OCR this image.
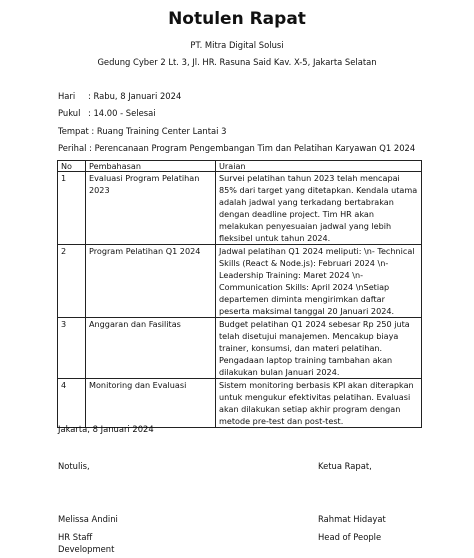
Notulen Rapat
PT. Mitra Digital Solusi
Gedung Cyber 2 Lt. 3, Jl. HR. Rasuna Said Kav. X-5, Jakarta Selatan
Hari : Rabu, 8 Januari 2024
Pukul : 14.00 - Selesai
Tempat : Ruang Training Center Lantai 3
Perihal : Perencanaan Program Pengembangan Tim dan Pelatihan Karyawan Q1 2024
No	Pembahasan	Uraian
1	Evaluasi Program Pelatihan 2023	Survei pelatihan tahun 2023 telah mencapai 85% dari target yang ditetapkan. Kendala utama adalah jadwal yang terkadang bertabrakan dengan deadline project. Tim HR akan melakukan penyesuaian jadwal yang lebih fleksibel untuk tahun 2024.
2	Program Pelatihan Q1 2024	Jadwal pelatihan Q1 2024 meliputi: \n- Technical Skills (React & Node.js): Februari 2024 \n- Leadership Training: Maret 2024 \n- Communication Skills: April 2024 \nSetiap departemen diminta mengirimkan daftar peserta maksimal tanggal 20 Januari 2024.
3	Anggaran dan Fasilitas	Budget pelatihan Q1 2024 sebesar Rp 250 juta telah disetujui manajemen. Mencakup biaya trainer, konsumsi, dan materi pelatihan. Pengadaan laptop training tambahan akan dilakukan bulan Januari 2024.
4	Monitoring dan Evaluasi	Sistem monitoring berbasis KPI akan diterapkan untuk mengukur efektivitas pelatihan. Evaluasi akan dilakukan setiap akhir program dengan metode pre-test dan post-test.
Jakarta, 8 Januari 2024
Notulis,	Ketua Rapat,
Melissa Andini	Rahmat Hidayat
HR Staff
Development
Head of People
